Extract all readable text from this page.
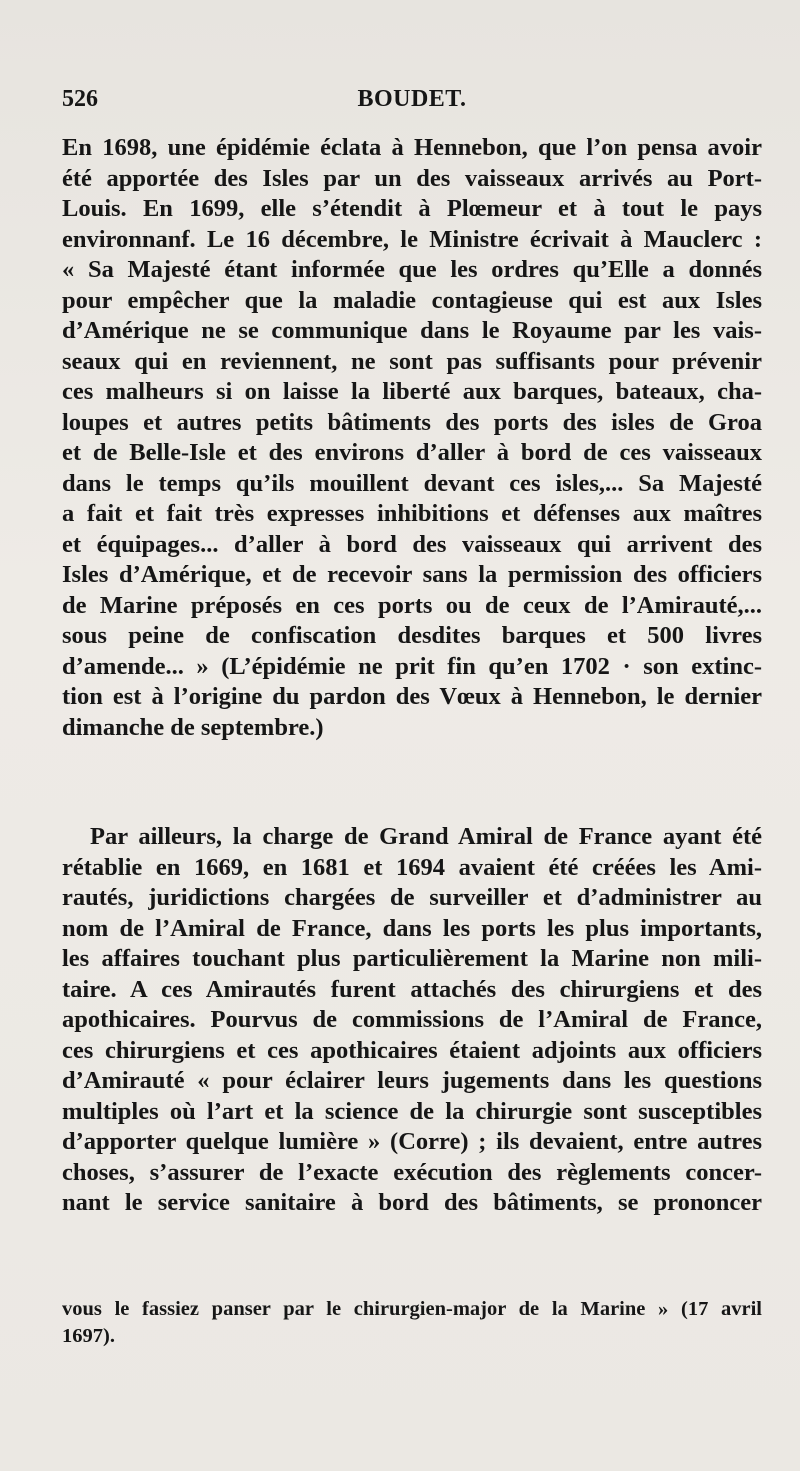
526	BOUDET.
En 1698, une épidémie éclata à Hennebon, que l’on pensa avoir
été apportée des Isles par un des vaisseaux arrivés au Port-
Louis. En 1699, elle s’étendit à Plœmeur et à tout le pays
environnanf. Le 16 décembre, le Ministre écrivait à Mauclerc :
« Sa Majesté étant informée que les ordres qu’Elle a donnés
pour empêcher que la maladie contagieuse qui est aux Isles
d’Amérique ne se communique dans le Royaume par les vais-
seaux qui en reviennent, ne sont pas suffisants pour prévenir
ces malheurs si on laisse la liberté aux barques, bateaux, cha-
loupes et autres petits bâtiments des ports des isles de Groa
et de Belle-Isle et des environs d’aller à bord de ces vaisseaux
dans le temps qu’ils mouillent devant ces isles,... Sa Majesté
a fait et fait très expresses inhibitions et défenses aux maîtres
et équipages... d’aller à bord des vaisseaux qui arrivent des
Isles d’Amérique, et de recevoir sans la permission des officiers
de Marine préposés en ces ports ou de ceux de l’Amirauté,...
sous peine de confiscation desdites barques et 500 livres
d’amende... » (L’épidémie ne prit fin qu’en 1702 · son extinc-
tion est à l’origine du pardon des Vœux à Hennebon, le dernier
dimanche de septembre.)
Par ailleurs, la charge de Grand Amiral de France ayant été
rétablie en 1669, en 1681 et 1694 avaient été créées les Ami-
rautés, juridictions chargées de surveiller et d’administrer au
nom de l’Amiral de France, dans les ports les plus importants,
les affaires touchant plus particulièrement la Marine non mili-
taire. A ces Amirautés furent attachés des chirurgiens et des
apothicaires. Pourvus de commissions de l’Amiral de France,
ces chirurgiens et ces apothicaires étaient adjoints aux officiers
d’Amirauté « pour éclairer leurs jugements dans les questions
multiples où l’art et la science de la chirurgie sont susceptibles
d’apporter quelque lumière » (Corre) ; ils devaient, entre autres
choses, s’assurer de l’exacte exécution des règlements concer-
nant le service sanitaire à bord des bâtiments, se prononcer
vous le fassiez panser par le chirurgien-major de la Marine » (17 avril
1697).
